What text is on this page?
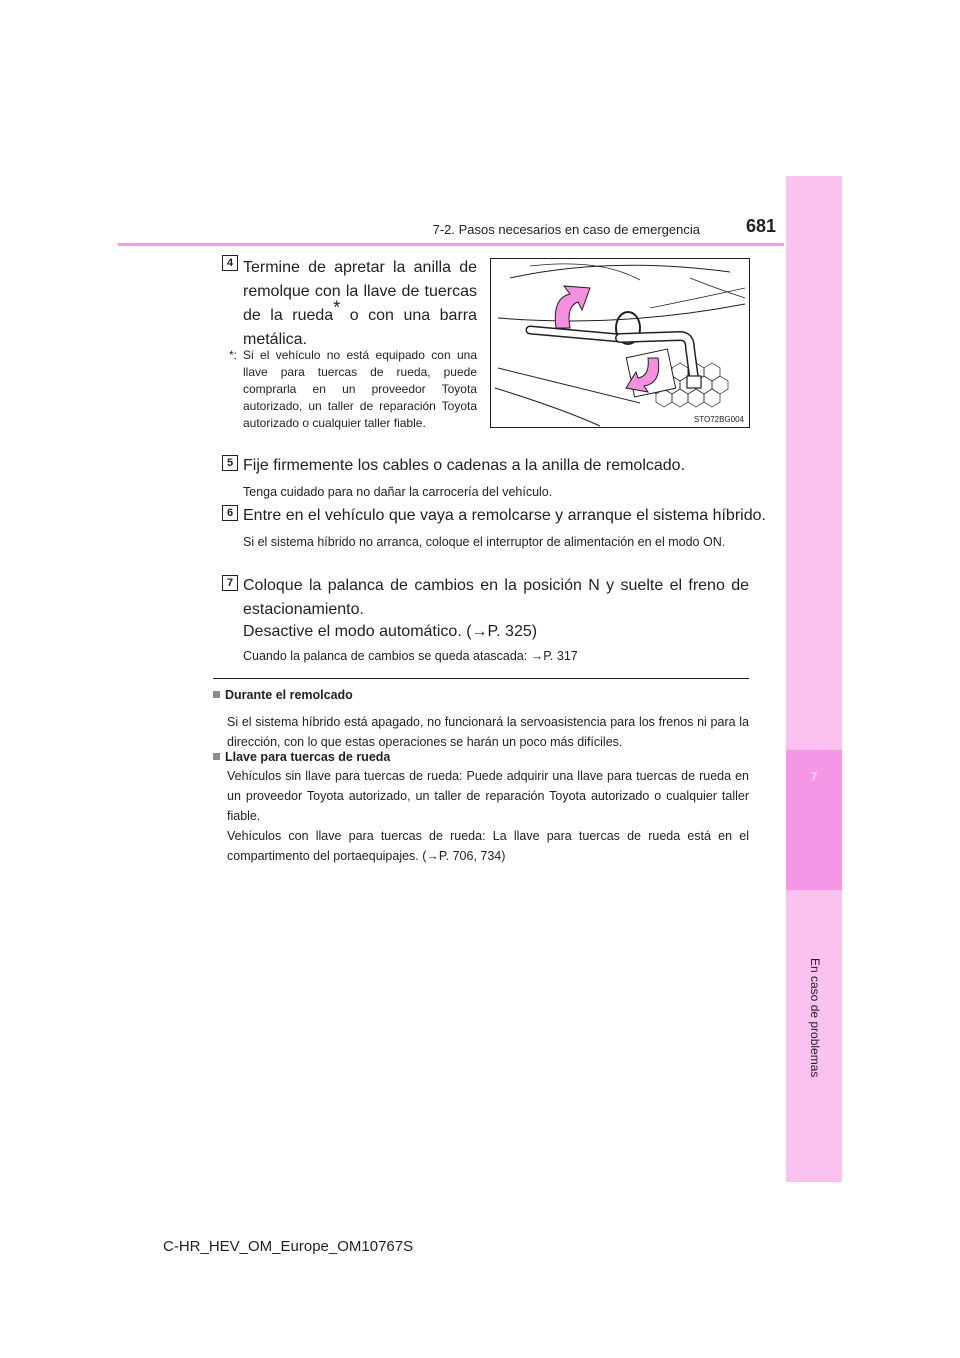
7
En caso de problemas
7-2. Pasos necesarios en caso de emergencia	681
4 Termine de apretar la anilla de
remolque con la llave de tuercas
de la rueda* o con una barra
metálica.
*: Si el vehículo no está equipado con una llave para tuercas de rueda, puede comprarla en un proveedor Toyota autorizado, un taller de reparación Toyota autorizado o cualquier taller fiable.	STO72BG004
5 Fije firmemente los cables o cadenas a la anilla de remolcado.
Tenga cuidado para no dañar la carrocería del vehículo.
6 Entre en el vehículo que vaya a remolcarse y arranque el sistema híbrido.
Si el sistema híbrido no arranca, coloque el interruptor de alimentación en el modo ON.
7 Coloque la palanca de cambios en la posición N y suelte el freno de estacionamiento.
Desactive el modo automático. (→P. 325)
Cuando la palanca de cambios se queda atascada: →P. 317
Durante el remolcado
Si el sistema híbrido está apagado, no funcionará la servoasistencia para los frenos ni para la dirección, con lo que estas operaciones se harán un poco más difíciles.
Llave para tuercas de rueda
Vehículos sin llave para tuercas de rueda: Puede adquirir una llave para tuercas de rueda en un proveedor Toyota autorizado, un taller de reparación Toyota autorizado o cualquier taller fiable.
Vehículos con llave para tuercas de rueda: La llave para tuercas de rueda está en el compartimento del portaequipajes. (→P. 706, 734)
C-HR_HEV_OM_Europe_OM10767S
